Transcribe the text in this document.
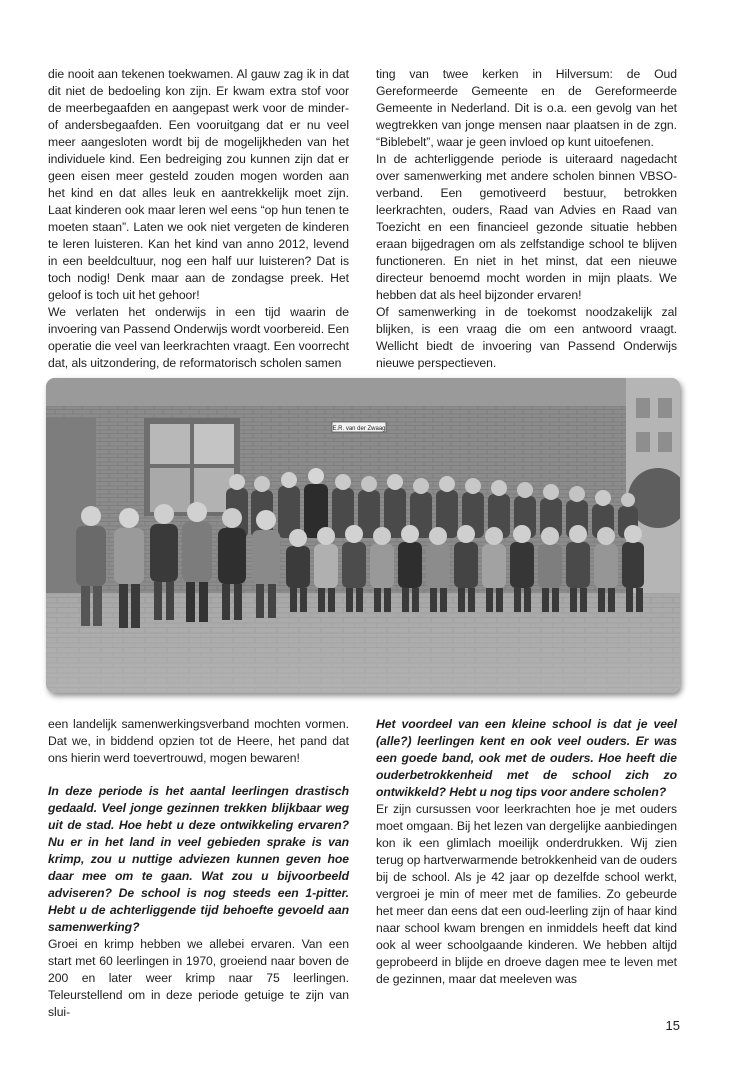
die nooit aan tekenen toekwamen. Al gauw zag ik in dat dit niet de bedoeling kon zijn. Er kwam extra stof voor de meerbegaafden en aangepast werk voor de minder- of andersbegaafden. Een vooruitgang dat er nu veel meer aangesloten wordt bij de mogelijkheden van het individuele kind. Een bedreiging zou kunnen zijn dat er geen eisen meer gesteld zouden mogen worden aan het kind en dat alles leuk en aantrekkelijk moet zijn. Laat kinderen ook maar leren wel eens “op hun tenen te moeten staan”. Laten we ook niet vergeten de kinderen te leren luisteren. Kan het kind van anno 2012, levend in een beeldcultuur, nog een half uur luisteren? Dat is toch nodig! Denk maar aan de zondagse preek. Het geloof is toch uit het gehoor!

We verlaten het onderwijs in een tijd waarin de invoering van Passend Onderwijs wordt voorbereid. Een operatie die veel van leerkrachten vraagt. Een voorrecht dat, als uitzondering, de reformatorisch scholen samen

ting van twee kerken in Hilversum: de Oud Gereformeerde Gemeente en de Gereformeerde Gemeente in Nederland. Dit is o.a. een gevolg van het wegtrekken van jonge mensen naar plaatsen in de zgn. “Biblebelt”, waar je geen invloed op kunt uitoefenen.

In de achterliggende periode is uiteraard nagedacht over samenwerking met andere scholen binnen VBSO-verband. Een gemotiveerd bestuur, betrokken leerkrachten, ouders, Raad van Advies en Raad van Toezicht en een financieel gezonde situatie hebben eraan bijgedragen om als zelfstandige school te blijven functioneren. En niet in het minst, dat een nieuwe directeur benoemd mocht worden in mijn plaats. We hebben dat als heel bijzonder ervaren!

Of samenwerking in de toekomst noodzakelijk zal blijken, is een vraag die om een antwoord vraagt. Wellicht biedt de invoering van Passend Onderwijs nieuwe perspectieven.

E.R. van der Zwaag

een landelijk samenwerkingsverband mochten vormen. Dat we, in biddend opzien tot de Heere, het pand dat ons hierin werd toevertrouwd, mogen bewaren!

In deze periode is het aantal leerlingen drastisch gedaald. Veel jonge gezinnen trekken blijkbaar weg uit de stad. Hoe hebt u deze ontwikkeling ervaren? Nu er in het land in veel gebieden sprake is van krimp, zou u nuttige adviezen kunnen geven hoe daar mee om te gaan. Wat zou u bijvoorbeeld adviseren? De school is nog steeds een 1-pitter. Hebt u de achterliggende tijd behoefte gevoeld aan samenwerking?

Groei en krimp hebben we allebei ervaren. Van een start met 60 leerlingen in 1970, groeiend naar boven de 200 en later weer krimp naar 75 leerlingen. Teleurstellend om in deze periode getuige te zijn van slui-

Het voordeel van een kleine school is dat je veel (alle?) leerlingen kent en ook veel ouders. Er was een goede band, ook met de ouders. Hoe heeft die ouderbetrokkenheid met de school zich zo ontwikkeld? Hebt u nog tips voor andere scholen?

Er zijn cursussen voor leerkrachten hoe je met ouders moet omgaan. Bij het lezen van dergelijke aanbiedingen kon ik een glimlach moeilijk onderdrukken. Wij zien terug op hartverwarmende betrokkenheid van de ouders bij de school. Als je 42 jaar op dezelfde school werkt, vergroei je min of meer met de families. Zo gebeurde het meer dan eens dat een oud-leerling zijn of haar kind naar school kwam brengen en inmiddels heeft dat kind ook al weer schoolgaande kinderen. We hebben altijd geprobeerd in blijde en droeve dagen mee te leven met de gezinnen, maar dat meeleven was

15
